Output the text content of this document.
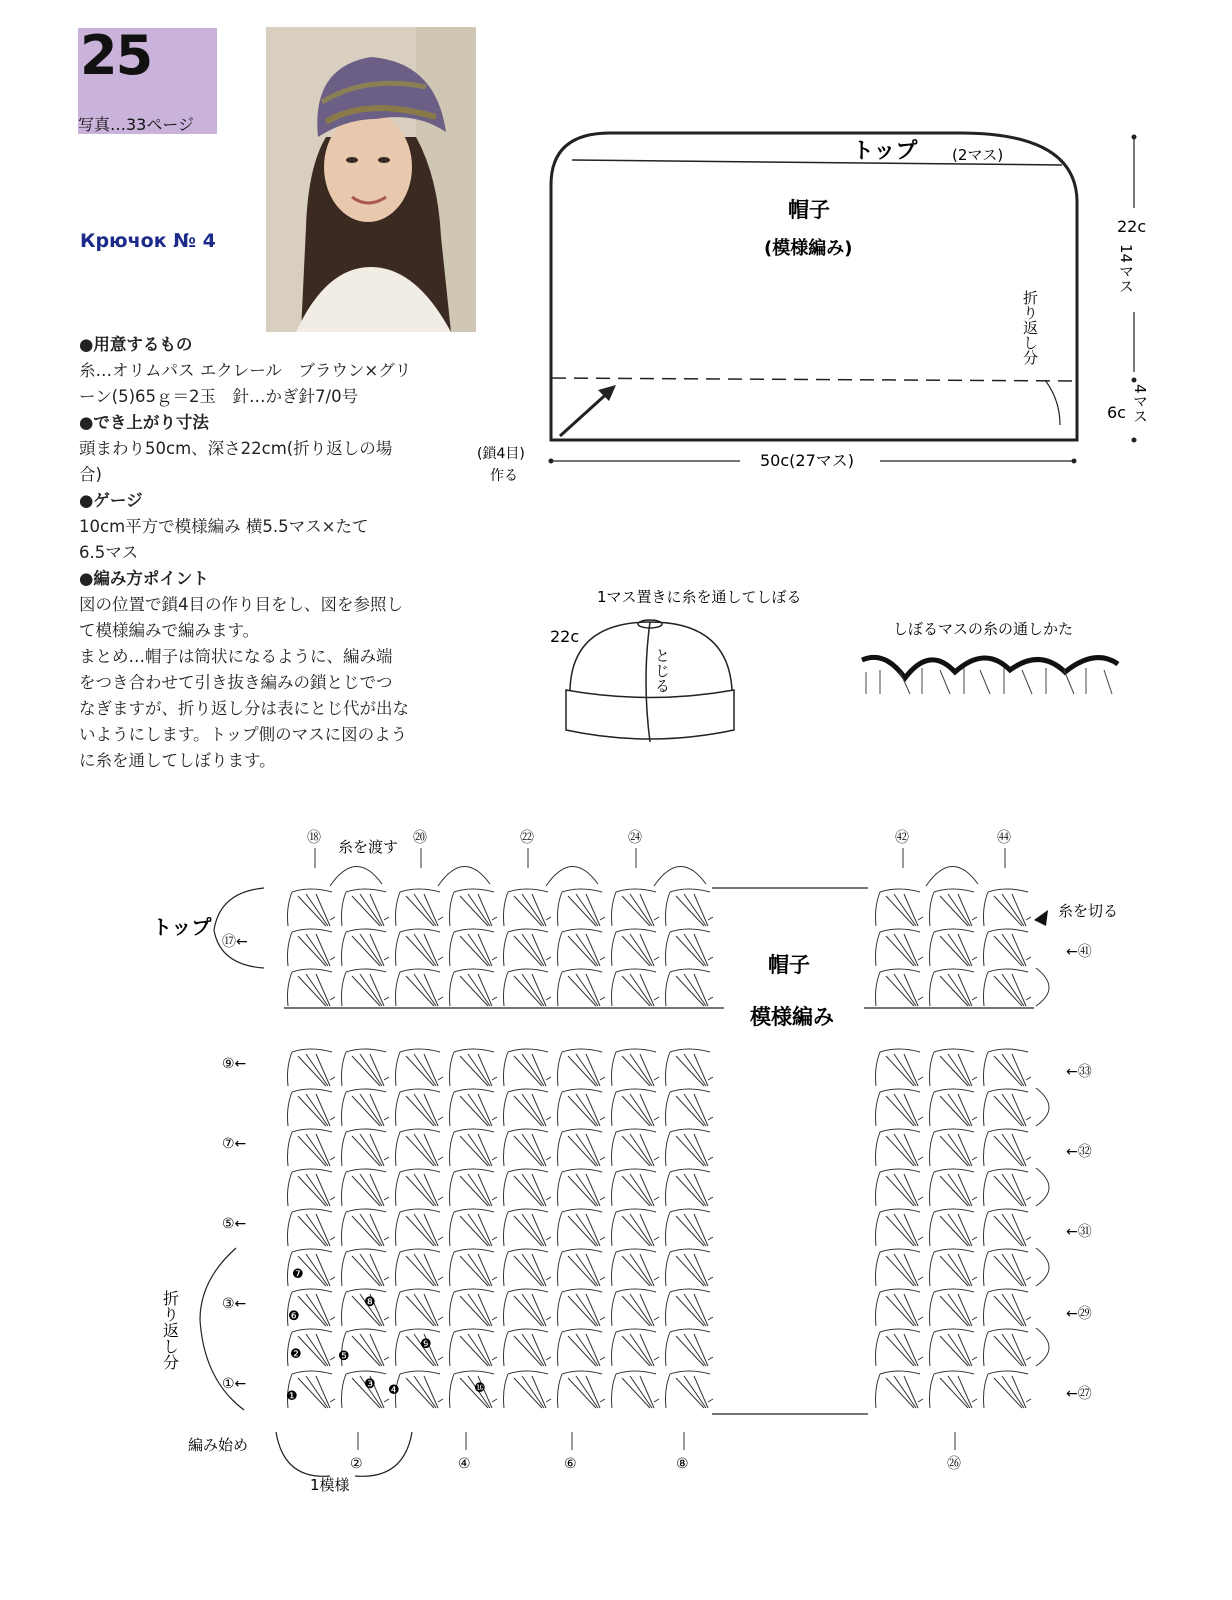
25
写真…33ページ
Крючок № 4

●用意するもの

糸…オリムパス エクレール　ブラウン×グリ

ーン(5)65ｇ＝2玉　針…かぎ針7/0号

●でき上がり寸法

頭まわり50cm、深さ22cm(折り返しの場

合)

●ゲージ

10cm平方で模様編み 横5.5マス×たて

6.5マス

●編み方ポイント

図の位置で鎖4目の作り目をし、図を参照し

て模様編みで編みます。

まとめ…帽子は筒状になるように、編み端

をつき合わせて引き抜き編みの鎖とじでつ

なぎますが、折り返し分は表にとじ代が出な

いようにします。トップ側のマスに図のよう

に糸を通してしぼります。

トップ (2マス)
帽子
(模様編み)
折り返し分
22c
14マス
6c 4マス
50c(27マス)
(鎖4目)
作る
1マス置きに糸を通してしぼる
22c
とじる
しぼるマスの糸の通しかた
トップ
糸を渡す
糸を切る
帽子
模様編み
折り返し分
編み始め
1模様
⑱	⑳	㉒	㉔	㊷	㊹
②	④	⑥	⑧	㉖
⑰←
⑨←
⑦←
⑤←
③←
①←
←㊶
←㉝
←㉜
←㉛
←㉙
←㉗
❶
❷
❸ ❹
❺
❻
❼
❽
❾
❿
